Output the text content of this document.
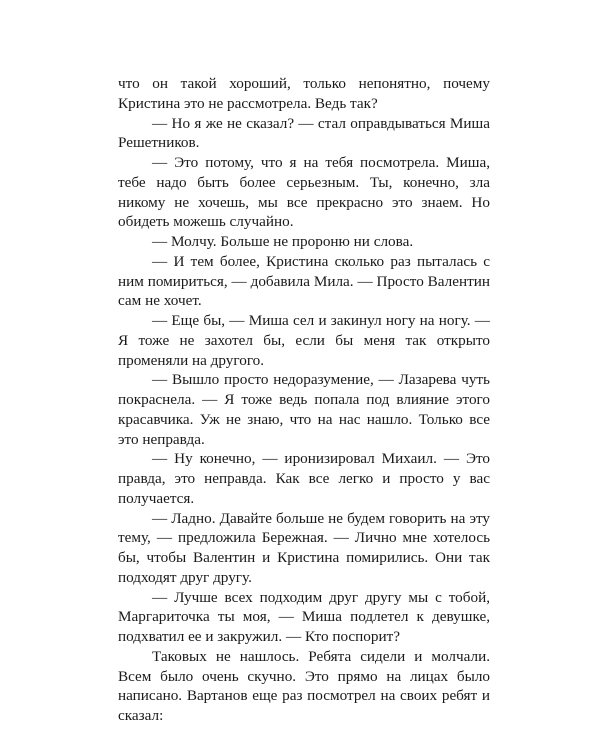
что он такой хороший, только непонятно, почему Кристина это не рассмотрела. Ведь так?

— Но я же не сказал? — стал оправдываться Миша Решетников.

— Это потому, что я на тебя посмотрела. Миша, тебе надо быть более серьезным. Ты, конечно, зла никому не хочешь, мы все прекрасно это знаем. Но обидеть можешь случайно.

— Молчу. Больше не пророню ни слова.

— И тем более, Кристина сколько раз пыталась с ним помириться, — добавила Мила. — Просто Валентин сам не хочет.

— Еще бы, — Миша сел и закинул ногу на ногу. — Я тоже не захотел бы, если бы меня так открыто променяли на другого.

— Вышло просто недоразумение, — Лазарева чуть покраснела. — Я тоже ведь попала под влияние этого красавчика. Уж не знаю, что на нас нашло. Только все это неправда.

— Ну конечно, — иронизировал Михаил. — Это правда, это неправда. Как все легко и просто у вас получается.

— Ладно. Давайте больше не будем говорить на эту тему, — предложила Бережная. — Лично мне хотелось бы, чтобы Валентин и Кристина помирились. Они так подходят друг другу.

— Лучше всех подходим друг другу мы с тобой, Маргариточка ты моя, — Миша подлетел к девушке, подхватил ее и закружил. — Кто поспорит?

Таковых не нашлось. Ребята сидели и молчали. Всем было очень скучно. Это прямо на лицах было написано. Вартанов еще раз посмотрел на своих ребят и сказал:
